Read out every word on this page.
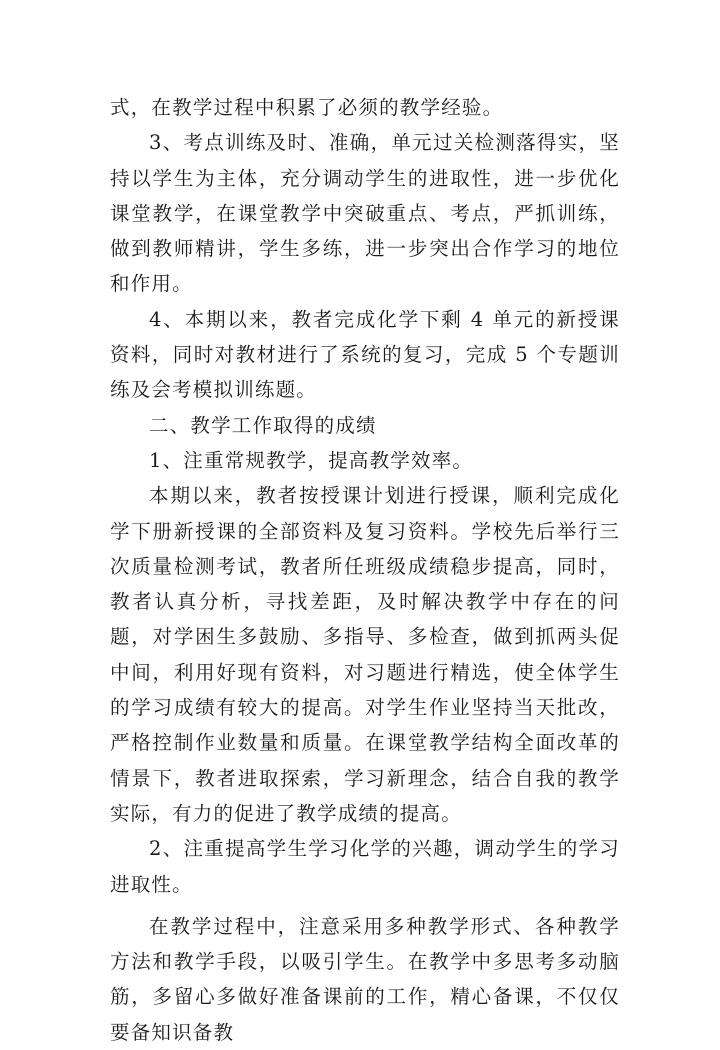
式，在教学过程中积累了必须的教学经验。

3、考点训练及时、准确，单元过关检测落得实，坚持以学生为主体，充分调动学生的进取性，进一步优化课堂教学，在课堂教学中突破重点、考点，严抓训练，做到教师精讲，学生多练，进一步突出合作学习的地位和作用。

4、本期以来，教者完成化学下剩 4 单元的新授课资料，同时对教材进行了系统的复习，完成 5 个专题训练及会考模拟训练题。

二、教学工作取得的成绩

1、注重常规教学，提高教学效率。

本期以来，教者按授课计划进行授课，顺利完成化学下册新授课的全部资料及复习资料。学校先后举行三次质量检测考试，教者所任班级成绩稳步提高，同时，教者认真分析，寻找差距，及时解决教学中存在的问题，对学困生多鼓励、多指导、多检查，做到抓两头促中间，利用好现有资料，对习题进行精选，使全体学生的学习成绩有较大的提高。对学生作业坚持当天批改，严格控制作业数量和质量。在课堂教学结构全面改革的情景下，教者进取探索，学习新理念，结合自我的教学实际，有力的促进了教学成绩的提高。

2、注重提高学生学习化学的兴趣，调动学生的学习进取性。

在教学过程中，注意采用多种教学形式、各种教学方法和教学手段，以吸引学生。在教学中多思考多动脑筋，多留心多做好准备课前的工作，精心备课，不仅仅要备知识备教
